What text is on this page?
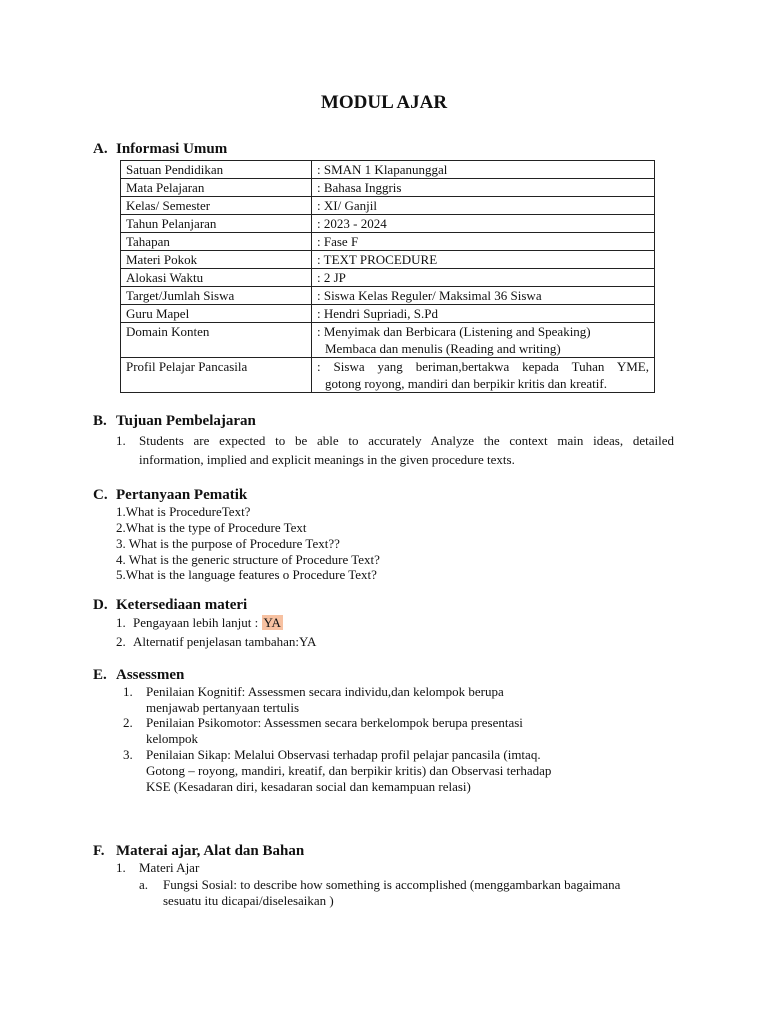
MODUL AJAR
A. Informasi Umum
Satuan Pendidikan	: SMAN 1 Klapanunggal
Mata Pelajaran	: Bahasa Inggris
Kelas/ Semester	: XI/ Ganjil
Tahun Pelanjaran	: 2023 - 2024
Tahapan	: Fase F
Materi Pokok	: TEXT PROCEDURE
Alokasi Waktu	: 2 JP
Target/Jumlah Siswa	: Siswa Kelas Reguler/ Maksimal 36 Siswa
Guru Mapel	: Hendri Supriadi, S.Pd
Domain Konten	: Menyimak dan Berbicara (Listening and Speaking)
Membaca dan menulis (Reading and writing)

Profil Pelajar Pancasila	: Siswa yang beriman,bertakwa kepada Tuhan YME,
gotong royong, mandiri dan berpikir kritis dan kreatif.
B. Tujuan Pembelajaran
1. Students are expected to be able to accurately Analyze the context main ideas, detailed
information, implied and explicit meanings in the given procedure texts.
C. Pertanyaan Pematik
1.What is ProcedureText?
2.What is the type of Procedure Text
3. What is the purpose of Procedure Text??
4. What is the generic structure of Procedure Text?
5.What is the language features o Procedure Text?
D. Ketersediaan materi
1. Pengayaan lebih lanjut : YA
2. Alternatif penjelasan tambahan:YA
E. Assessmen
1. Penilaian Kognitif: Assessmen secara individu,dan kelompok berupa
menjawab pertanyaan tertulis
2. Penilaian Psikomotor: Assessmen secara berkelompok berupa presentasi
kelompok
3. Penilaian Sikap: Melalui Observasi terhadap profil pelajar pancasila (imtaq.
Gotong – royong, mandiri, kreatif, dan berpikir kritis) dan Observasi terhadap
KSE (Kesadaran diri, kesadaran social dan kemampuan relasi)
F. Materai ajar, Alat dan Bahan
1. Materi Ajar
a. Fungsi Sosial: to describe how something is accomplished (menggambarkan bagaimana
sesuatu itu dicapai/diselesaikan )
